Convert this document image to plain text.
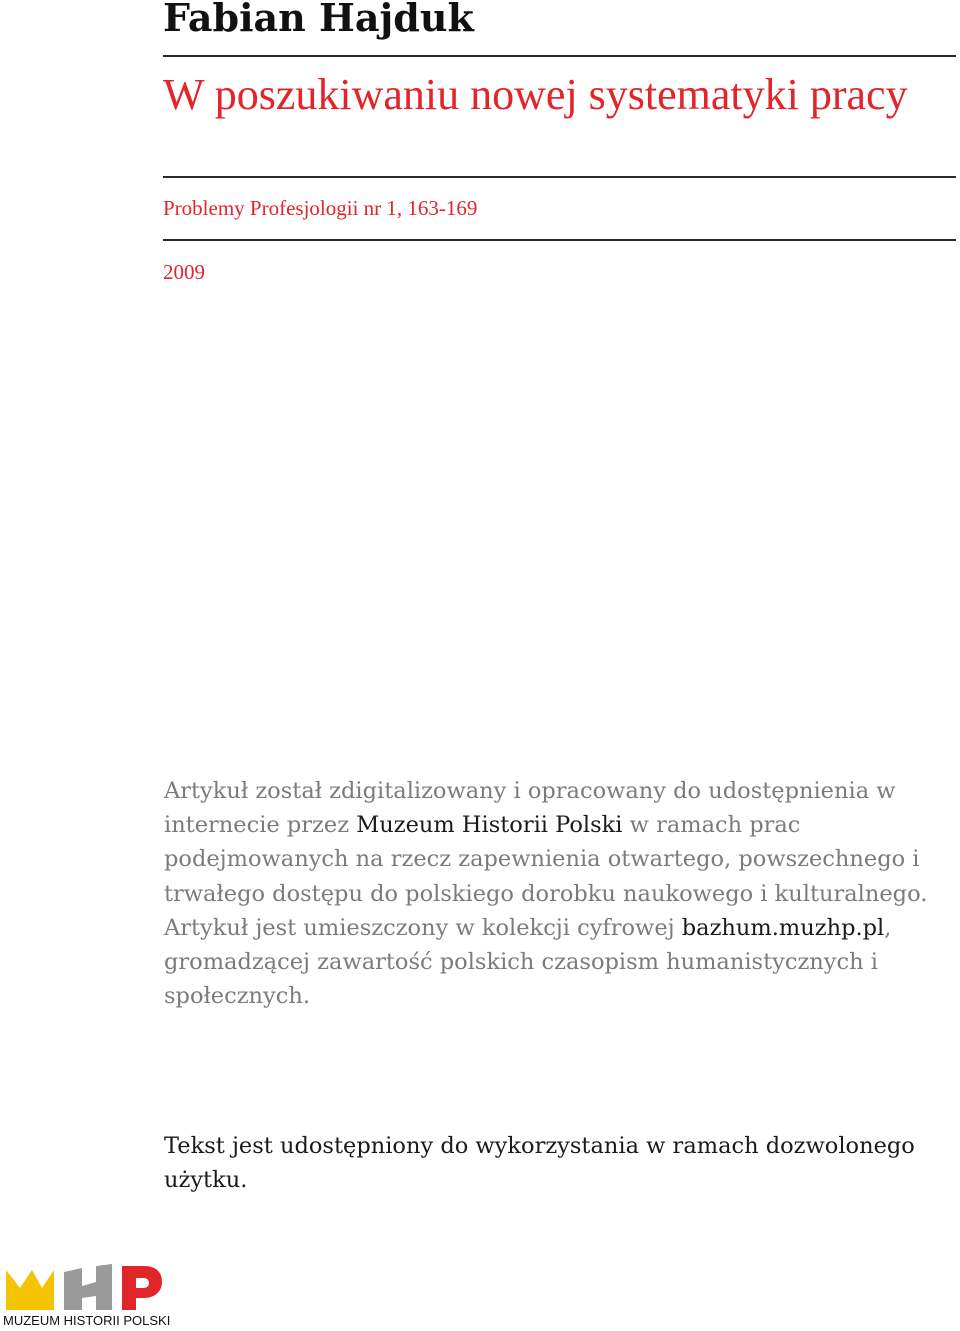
Fabian Hajduk
W poszukiwaniu nowej systematyki pracy
Problemy Profesjologii nr 1, 163-169
2009
Artykuł został zdigitalizowany i opracowany do udostępnienia w internecie przez Muzeum Historii Polski w ramach prac podejmowanych na rzecz zapewnienia otwartego, powszechnego i trwałego dostępu do polskiego dorobku naukowego i kulturalnego. Artykuł jest umieszczony w kolekcji cyfrowej bazhum.muzhp.pl, gromadzącej zawartość polskich czasopism humanistycznych i społecznych.
Tekst jest udostępniony do wykorzystania w ramach dozwolonego użytku.
MUZEUM HISTORII POLSKI
